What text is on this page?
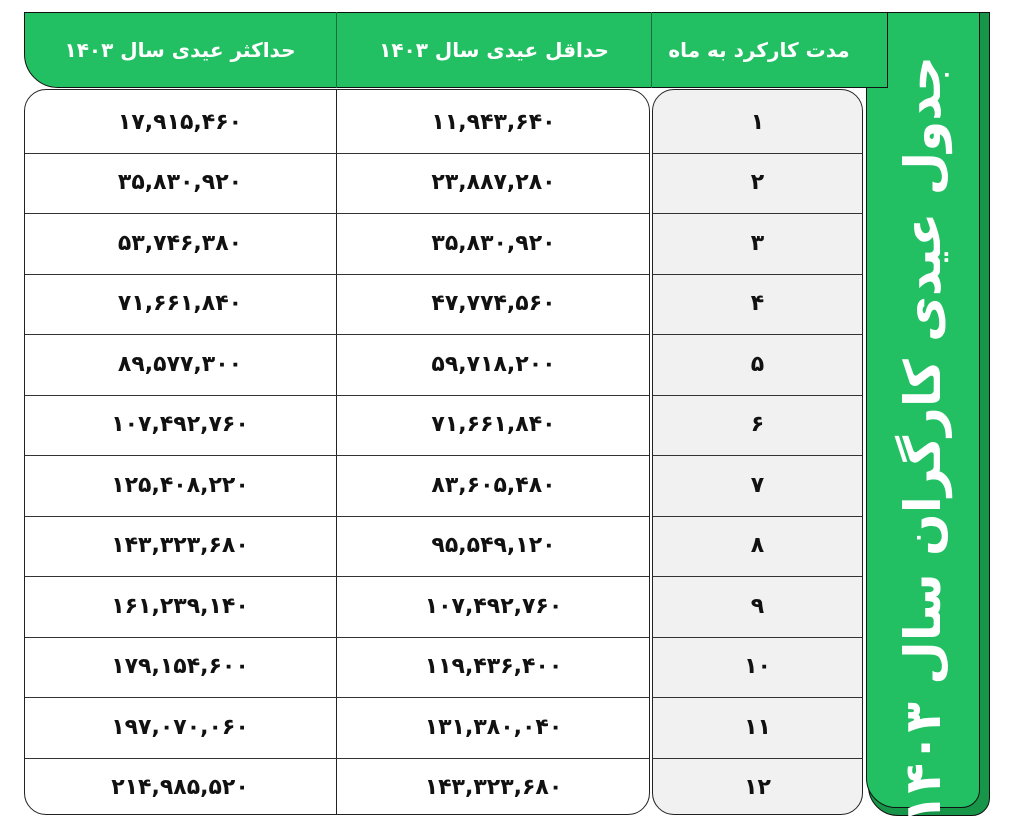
جدول عیدی کارگران سال ۱۴۰۳
حداکثر عیدی سال ۱۴۰۳	حداقل عیدی سال ۱۴۰۳	مدت کارکرد به ماه
۱۷,۹۱۵,۴۶۰	۱۱,۹۴۳,۶۴۰	۱
۳۵,۸۳۰,۹۲۰	۲۳,۸۸۷,۲۸۰	۲
۵۳,۷۴۶,۳۸۰	۳۵,۸۳۰,۹۲۰	۳
۷۱,۶۶۱,۸۴۰	۴۷,۷۷۴,۵۶۰	۴
۸۹,۵۷۷,۳۰۰	۵۹,۷۱۸,۲۰۰	۵
۱۰۷,۴۹۲,۷۶۰	۷۱,۶۶۱,۸۴۰	۶
۱۲۵,۴۰۸,۲۲۰	۸۳,۶۰۵,۴۸۰	۷
۱۴۳,۳۲۳,۶۸۰	۹۵,۵۴۹,۱۲۰	۸
۱۶۱,۲۳۹,۱۴۰	۱۰۷,۴۹۲,۷۶۰	۹
۱۷۹,۱۵۴,۶۰۰	۱۱۹,۴۳۶,۴۰۰	۱۰
۱۹۷,۰۷۰,۰۶۰	۱۳۱,۳۸۰,۰۴۰	۱۱
۲۱۴,۹۸۵,۵۲۰	۱۴۳,۳۲۳,۶۸۰	۱۲
